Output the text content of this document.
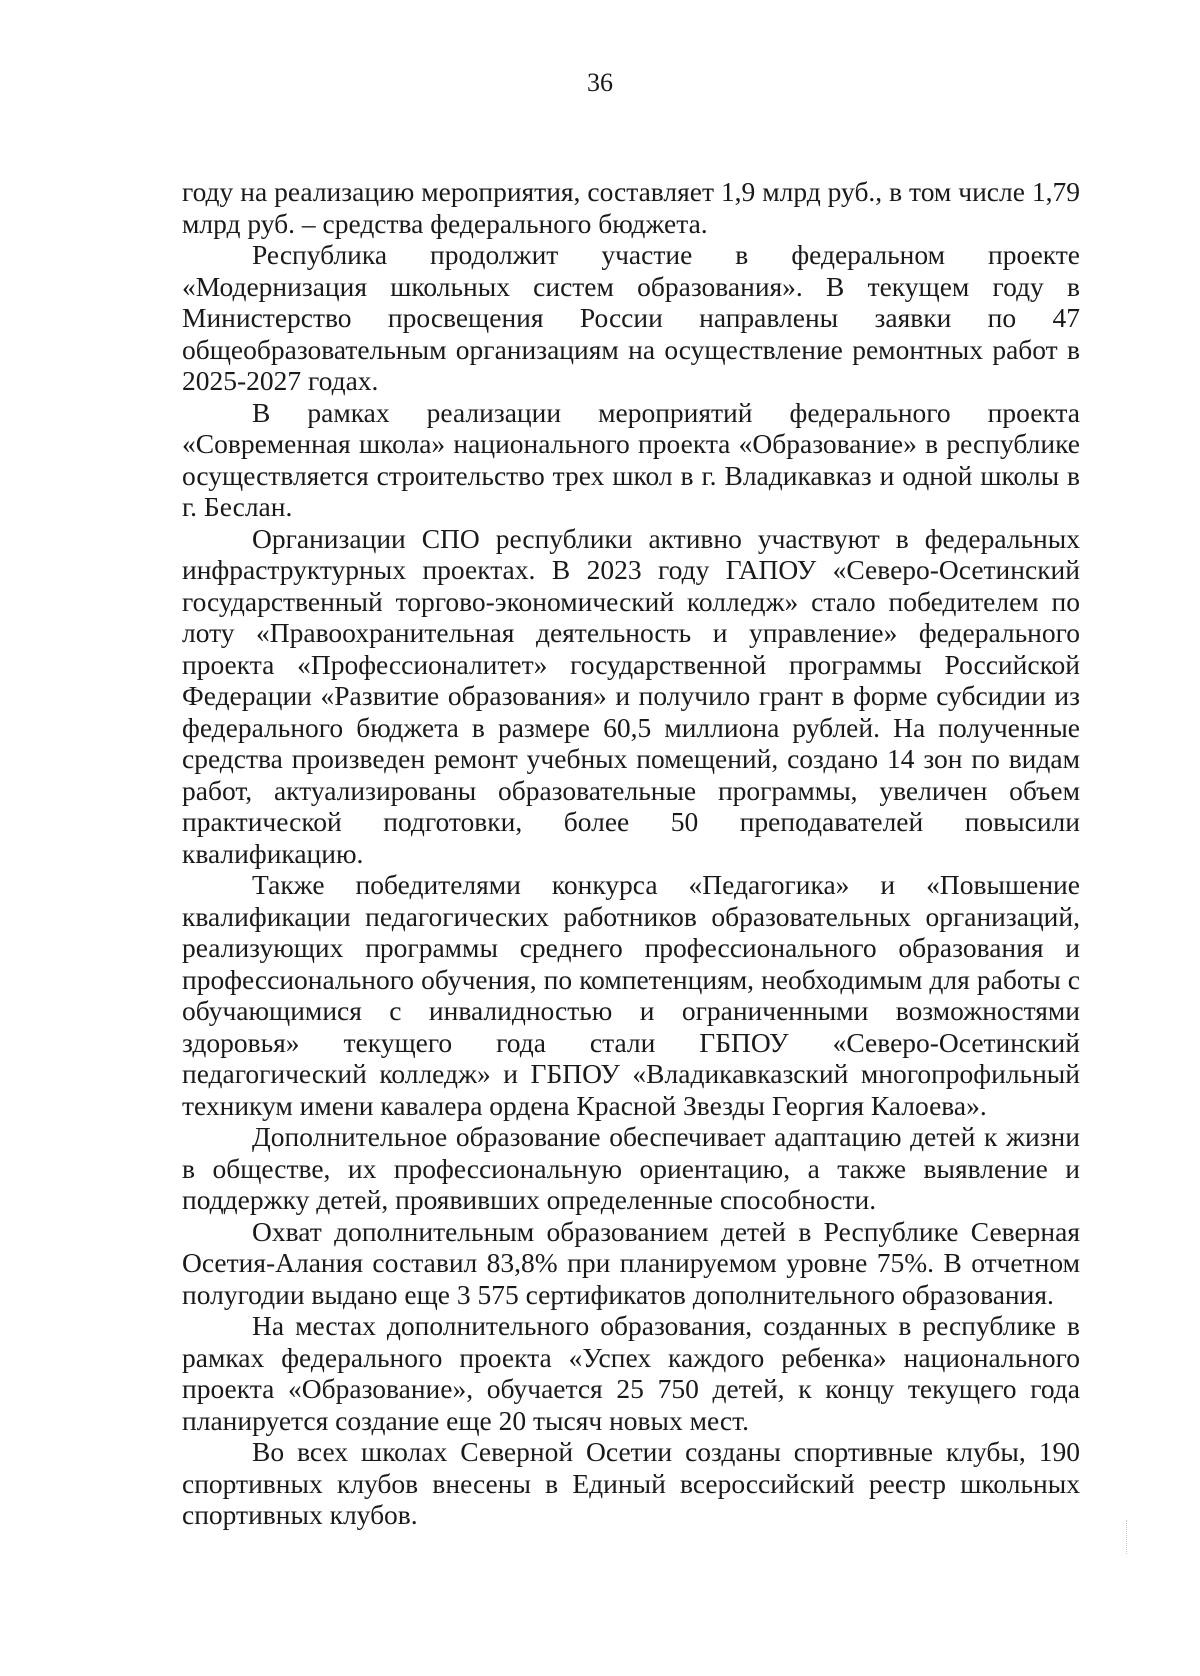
36

году на реализацию мероприятия, составляет 1,9 млрд руб., в том числе 1,79 млрд руб. – средства федерального бюджета.

Республика продолжит участие в федеральном проекте «Модернизация школьных систем образования». В текущем году в Министерство просвещения России направлены заявки по 47 общеобразовательным организациям на осуществление ремонтных работ в 2025-2027 годах.

В рамках реализации мероприятий федерального проекта «Современная школа» национального проекта «Образование» в республике осуществляется строительство трех школ в г. Владикавказ и одной школы в г. Беслан.

Организации СПО республики активно участвуют в федеральных инфраструктурных проектах. В 2023 году ГАПОУ «Северо-Осетинский государственный торгово-экономический колледж» стало победителем по лоту «Правоохранительная деятельность и управление» федерального проекта «Профессионалитет» государственной программы Российской Федерации «Развитие образования» и получило грант в форме субсидии из федерального бюджета в размере 60,5 миллиона рублей. На полученные средства произведен ремонт учебных помещений, создано 14 зон по видам работ, актуализированы образовательные программы, увеличен объем практической подготовки, более 50 преподавателей повысили квалификацию.

Также победителями конкурса «Педагогика» и «Повышение квалификации педагогических работников образовательных организаций, реализующих программы среднего профессионального образования и профессионального обучения, по компетенциям, необходимым для работы с обучающимися с инвалидностью и ограниченными возможностями здоровья» текущего года стали ГБПОУ «Северо-Осетинский педагогический колледж» и ГБПОУ «Владикавказский многопрофильный техникум имени кавалера ордена Красной Звезды Георгия Калоева».

Дополнительное образование обеспечивает адаптацию детей к жизни в обществе, их профессиональную ориентацию, а также выявление и поддержку детей, проявивших определенные способности.

Охват дополнительным образованием детей в Республике Северная Осетия-Алания составил 83,8% при планируемом уровне 75%. В отчетном полугодии выдано еще 3 575 сертификатов дополнительного образования.

На местах дополнительного образования, созданных в республике в рамках федерального проекта «Успех каждого ребенка» национального проекта «Образование», обучается 25 750 детей, к концу текущего года планируется создание еще 20 тысяч новых мест.

Во всех школах Северной Осетии созданы спортивные клубы, 190 спортивных клубов внесены в Единый всероссийский реестр школьных спортивных клубов.
